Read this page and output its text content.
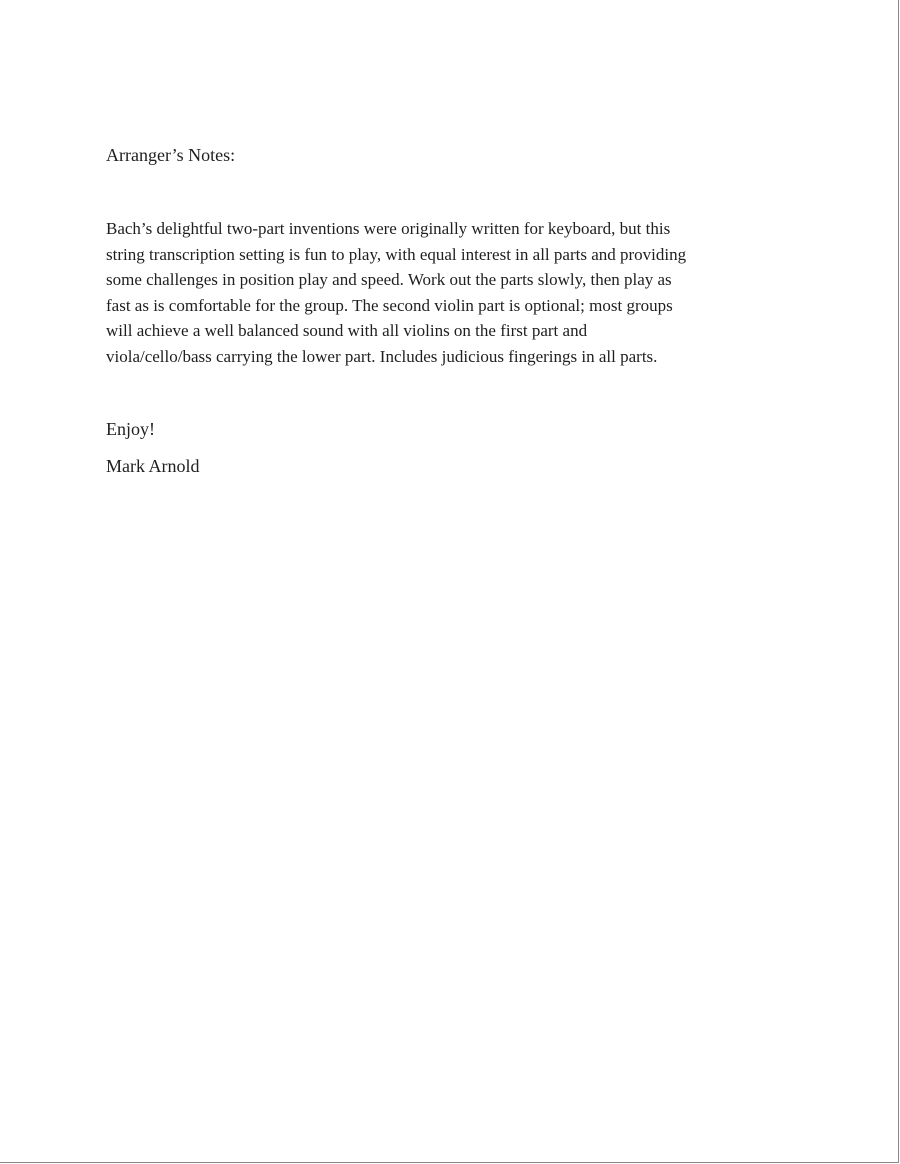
Arranger’s Notes:

Bach’s delightful two-part inventions were originally written for keyboard, but this
string transcription setting is fun to play, with equal interest in all parts and providing
some challenges in position play and speed. Work out the parts slowly, then play as
fast as is comfortable for the group. The second violin part is optional; most groups
will achieve a well balanced sound with all violins on the first part and
viola/cello/bass carrying the lower part. Includes judicious fingerings in all parts.

Enjoy!

Mark Arnold
